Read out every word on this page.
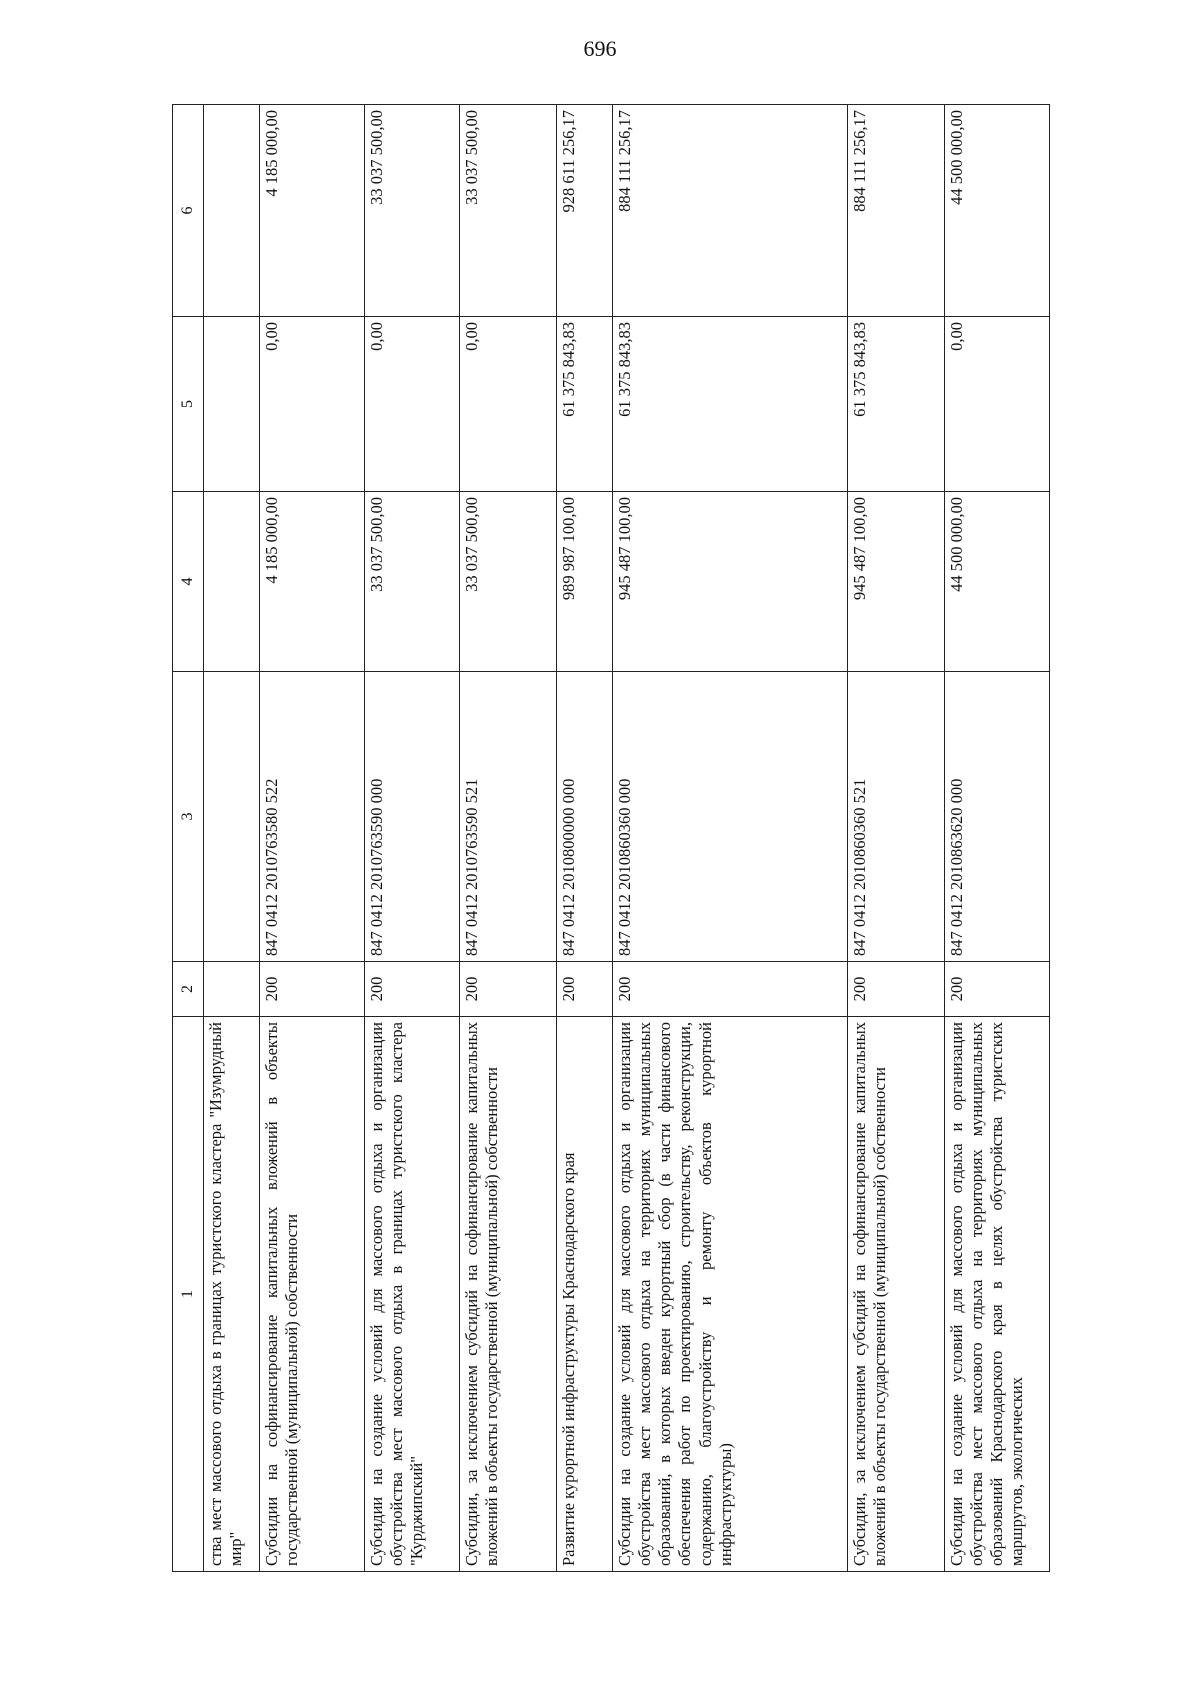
696
1	2	3	4	5	6
ства мест массового отдыха в границах туристского кластера "Изумрудный мир"					
Субсидии на софинансирование капитальных вложений в объекты государственной (муниципальной) собственности	200	847 0412 2010763580 522	4 185 000,00	0,00	4 185 000,00
Субсидии на создание условий для массового отдыха и организации обустройства мест массового отдыха в границах туристского кластера "Курджипский"	200	847 0412 2010763590 000	33 037 500,00	0,00	33 037 500,00
Субсидии, за исключением субсидий на софинансирование капитальных вложений в объекты государственной (муниципальной) собственности	200	847 0412 2010763590 521	33 037 500,00	0,00	33 037 500,00
Развитие курортной инфраструктуры Краснодарского края	200	847 0412 2010800000 000	989 987 100,00	61 375 843,83	928 611 256,17
Субсидии на создание условий для массового отдыха и организации обустройства мест массового отдыха на территориях муниципальных образований, в которых введен курортный сбор (в части финансового обеспечения работ по проектированию, строительству, реконструкции, содержанию, благоустройству и ремонту объектов курортной инфраструктуры)	200	847 0412 2010860360 000	945 487 100,00	61 375 843,83	884 111 256,17
Субсидии, за исключением субсидий на софинансирование капитальных вложений в объекты государственной (муниципальной) собственности	200	847 0412 2010860360 521	945 487 100,00	61 375 843,83	884 111 256,17
Субсидии на создание условий для массового отдыха и организации обустройства мест массового отдыха на территориях муниципальных образований Краснодарского края в целях обустройства туристских маршрутов, экологических	200	847 0412 2010863620 000	44 500 000,00	0,00	44 500 000,00
